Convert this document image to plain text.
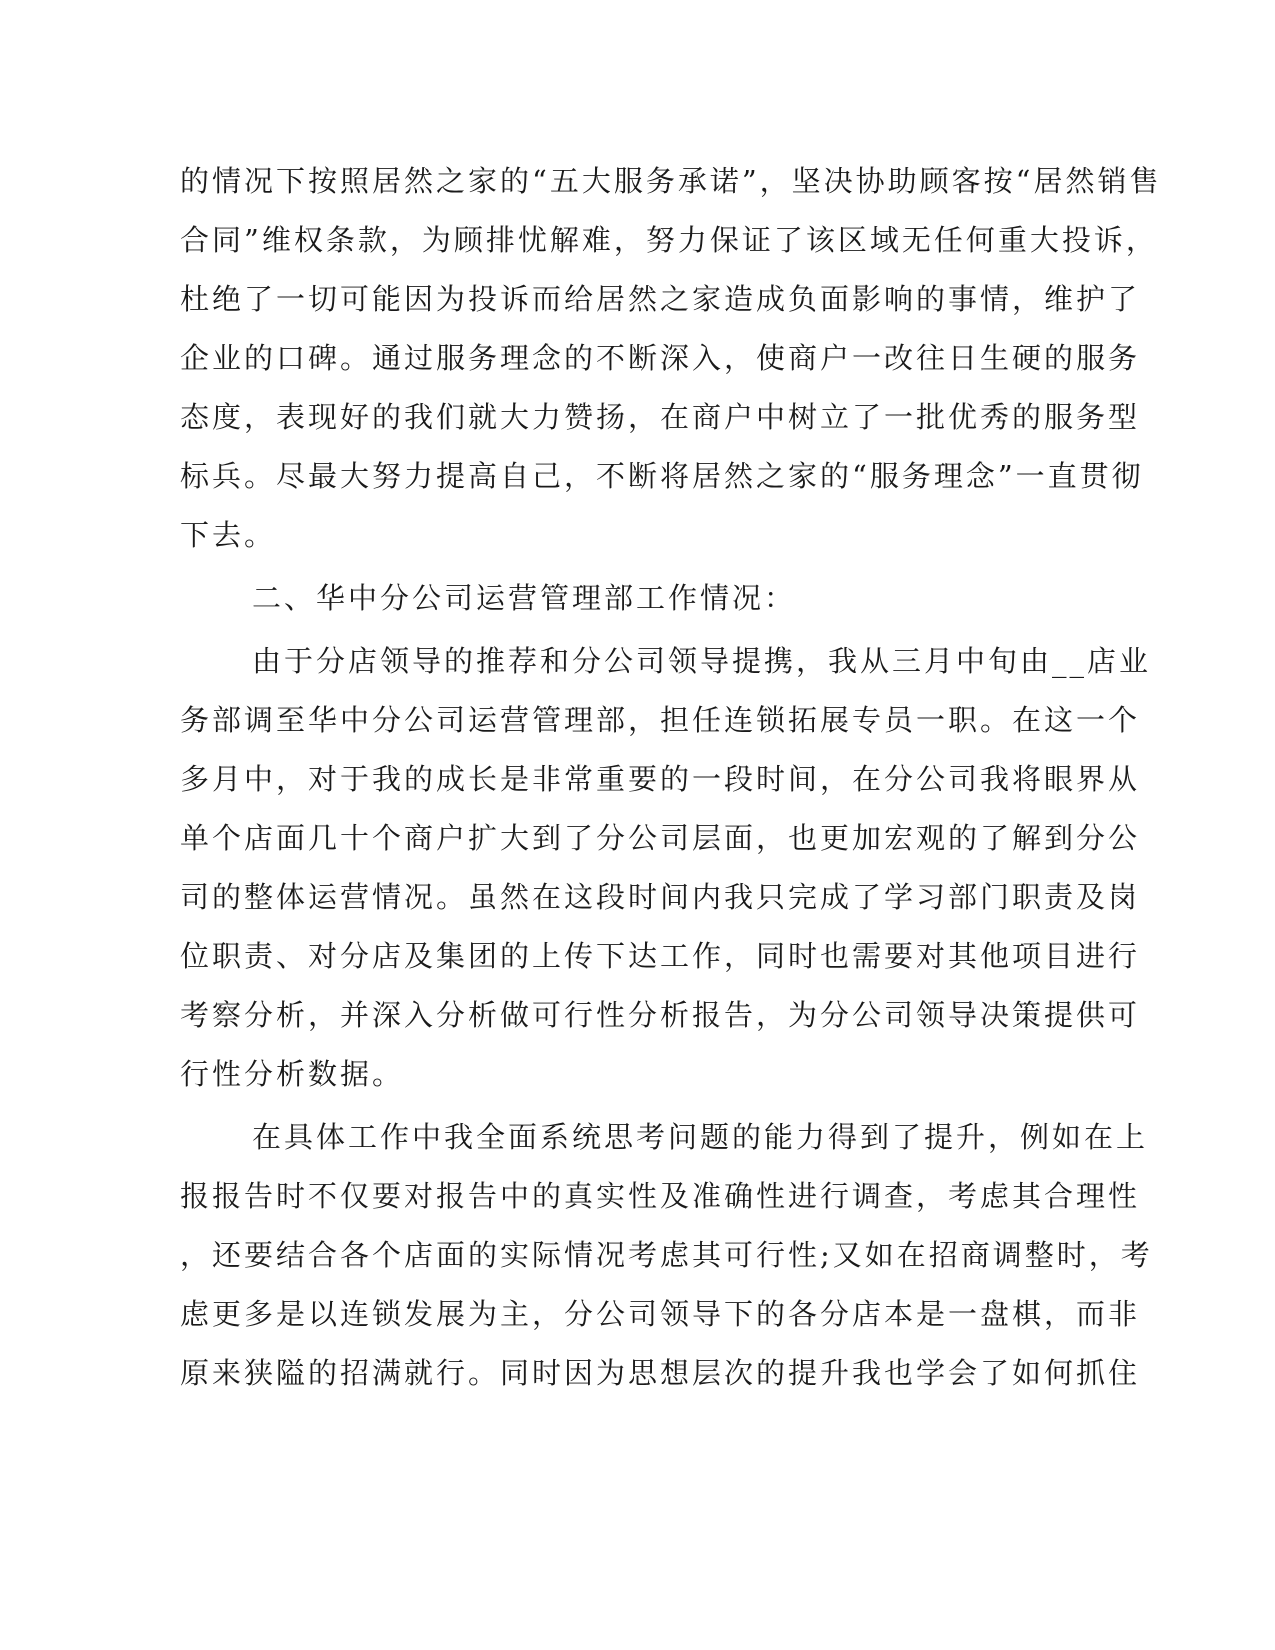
的情况下按照居然之家的“五大服务承诺”，坚决协助顾客按“居然销售
合同”维权条款，为顾排忧解难，努力保证了该区域无任何重大投诉，
杜绝了一切可能因为投诉而给居然之家造成负面影响的事情，维护了
企业的口碑。通过服务理念的不断深入，使商户一改往日生硬的服务
态度，表现好的我们就大力赞扬，在商户中树立了一批优秀的服务型
标兵。尽最大努力提高自己，不断将居然之家的“服务理念”一直贯彻
下去。
二、华中分公司运营管理部工作情况：
由于分店领导的推荐和分公司领导提携，我从三月中旬由__店业
务部调至华中分公司运营管理部，担任连锁拓展专员一职。在这一个
多月中，对于我的成长是非常重要的一段时间，在分公司我将眼界从
单个店面几十个商户扩大到了分公司层面，也更加宏观的了解到分公
司的整体运营情况。虽然在这段时间内我只完成了学习部门职责及岗
位职责、对分店及集团的上传下达工作，同时也需要对其他项目进行
考察分析，并深入分析做可行性分析报告，为分公司领导决策提供可
行性分析数据。
在具体工作中我全面系统思考问题的能力得到了提升，例如在上
报报告时不仅要对报告中的真实性及准确性进行调查，考虑其合理性
，还要结合各个店面的实际情况考虑其可行性;又如在招商调整时，考
虑更多是以连锁发展为主，分公司领导下的各分店本是一盘棋，而非
原来狭隘的招满就行。同时因为思想层次的提升我也学会了如何抓住
